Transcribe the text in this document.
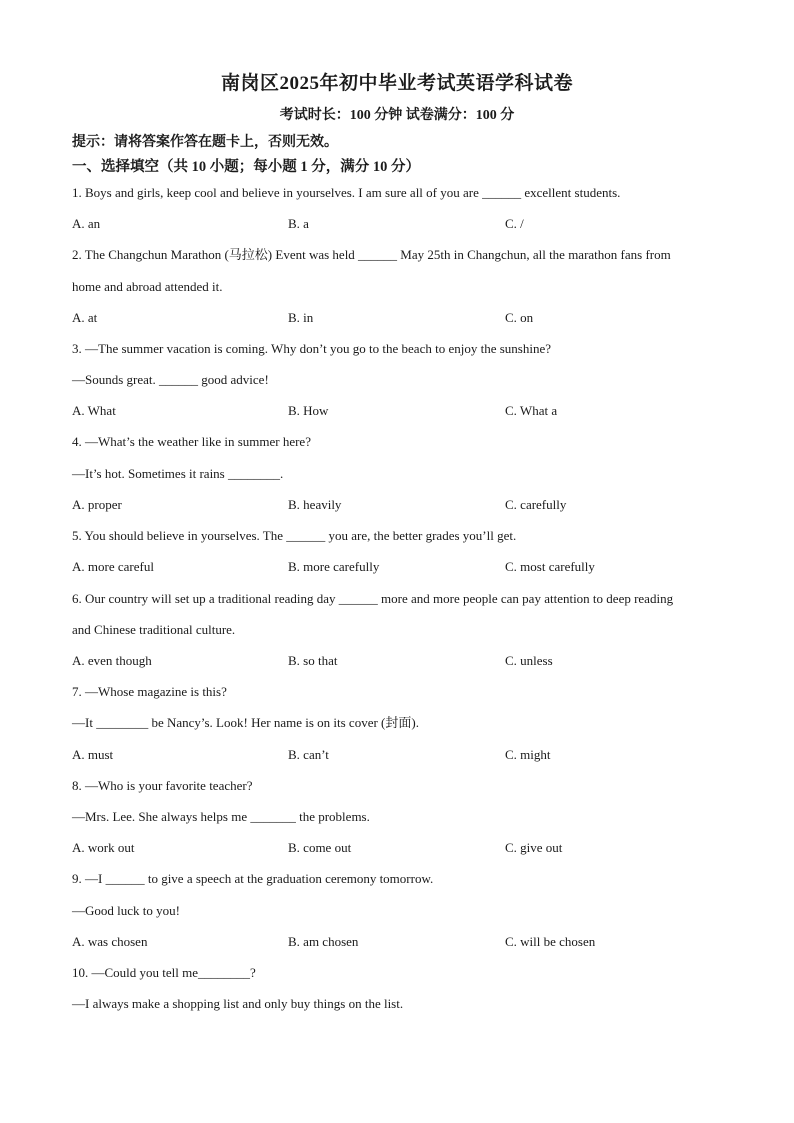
南岗区2025年初中毕业考试英语学科试卷
考试时长：100 分钟 试卷满分：100 分
提示：请将答案作答在题卡上，否则无效。
一、选择填空（共 10 小题；每小题 1 分，满分 10 分）
1. Boys and girls, keep cool and believe in yourselves. I am sure all of you are ______ excellent students.
A. an	B. a	C. /
2. The Changchun Marathon (马拉松) Event was held ______ May 25th in Changchun, all the marathon fans from
home and abroad attended it.
A. at	B. in	C. on
3. —The summer vacation is coming. Why don’t you go to the beach to enjoy the sunshine?
—Sounds great. ______ good advice!
A. What	B. How	C. What a
4. —What’s the weather like in summer here?
—It’s hot. Sometimes it rains ________.
A. proper	B. heavily	C. carefully
5. You should believe in yourselves. The ______ you are, the better grades you’ll get.
A. more careful	B. more carefully	C. most carefully
6. Our country will set up a traditional reading day ______ more and more people can pay attention to deep reading
and Chinese traditional culture.
A. even though	B. so that	C. unless
7. —Whose magazine is this?
—It ________ be Nancy’s. Look! Her name is on its cover (封面).
A. must	B. can’t	C. might
8. —Who is your favorite teacher?
—Mrs. Lee. She always helps me _______ the problems.
A. work out	B. come out	C. give out
9. —I ______ to give a speech at the graduation ceremony tomorrow.
—Good luck to you!
A. was chosen	B. am chosen	C. will be chosen
10. —Could you tell me________?
—I always make a shopping list and only buy things on the list.
